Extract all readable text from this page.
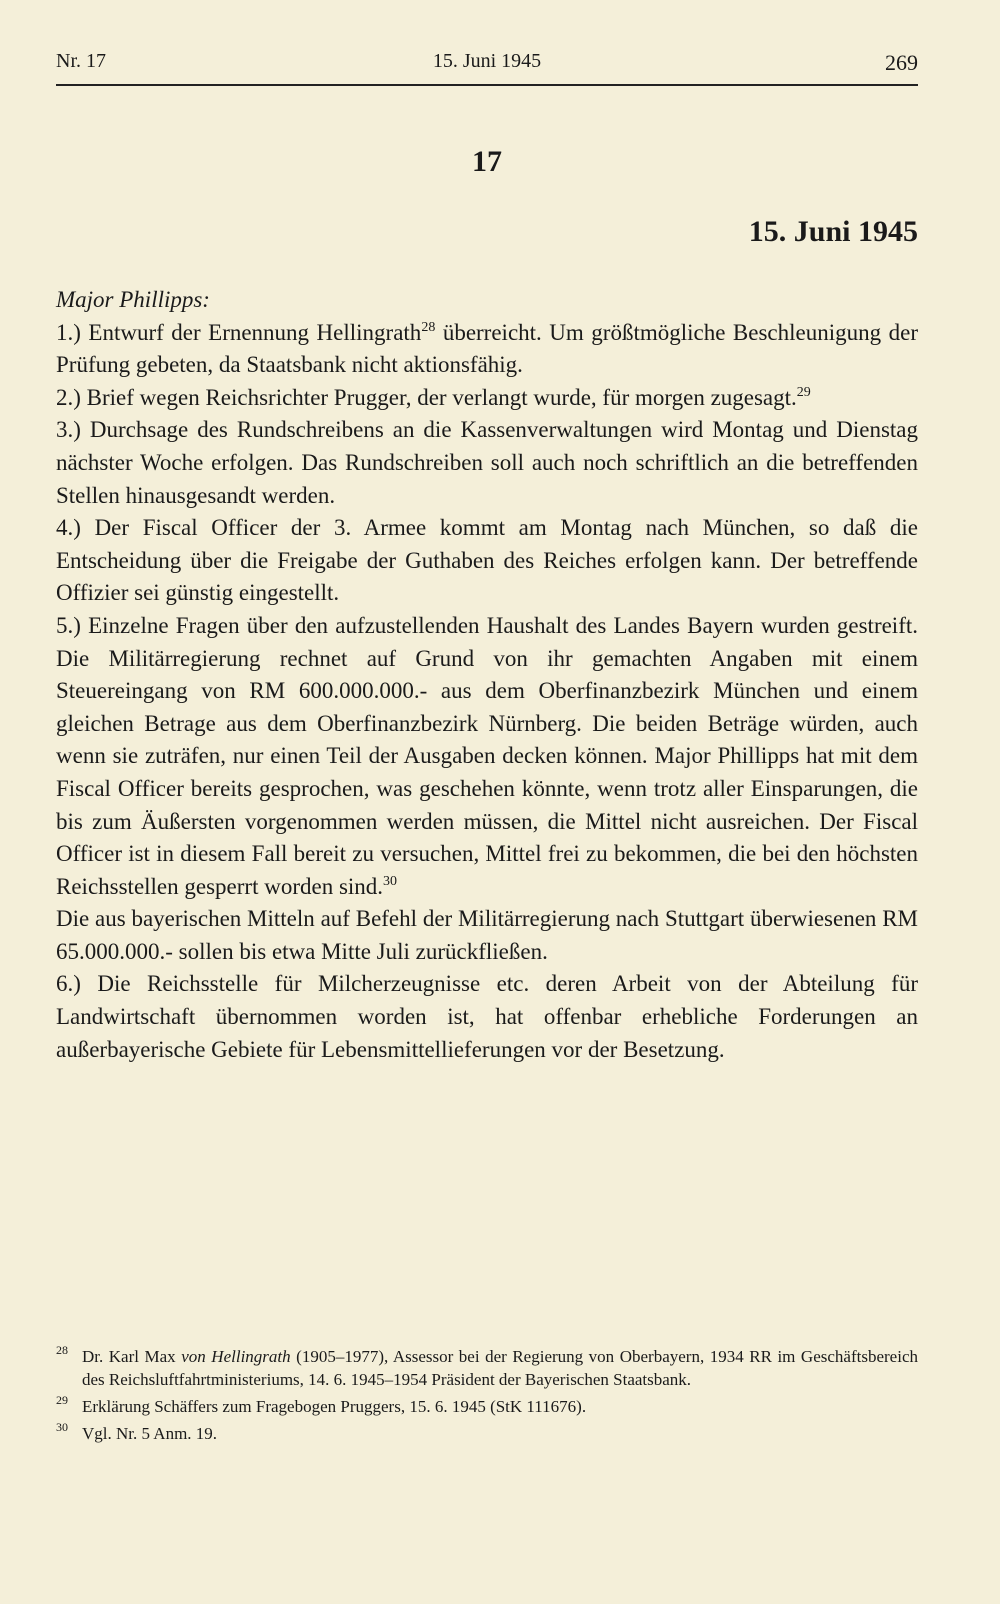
Nr. 17	15. Juni 1945	269
17
15. Juni 1945

Major Phillipps:

1.) Entwurf der Ernennung Hellingrath$^{28}$ überreicht. Um größtmögliche Beschleunigung der Prüfung gebeten, da Staatsbank nicht aktionsfähig.

2.) Brief wegen Reichsrichter Prugger, der verlangt wurde, für morgen zugesagt.$^{29}$

3.) Durchsage des Rundschreibens an die Kassenverwaltungen wird Montag und Dienstag nächster Woche erfolgen. Das Rundschreiben soll auch noch schriftlich an die betreffenden Stellen hinausgesandt werden.

4.) Der Fiscal Officer der 3. Armee kommt am Montag nach München, so daß die Entscheidung über die Freigabe der Guthaben des Reiches erfolgen kann. Der betreffende Offizier sei günstig eingestellt.

5.) Einzelne Fragen über den aufzustellenden Haushalt des Landes Bayern wurden gestreift. Die Militärregierung rechnet auf Grund von ihr gemachten Angaben mit einem Steuereingang von RM 600.000.000.- aus dem Oberfinanzbezirk München und einem gleichen Betrage aus dem Oberfinanzbezirk Nürnberg. Die beiden Beträge würden, auch wenn sie zuträfen, nur einen Teil der Ausgaben decken können. Major Phillipps hat mit dem Fiscal Officer bereits gesprochen, was geschehen könnte, wenn trotz aller Einsparungen, die bis zum Äußersten vorgenommen werden müssen, die Mittel nicht ausreichen. Der Fiscal Officer ist in diesem Fall bereit zu versuchen, Mittel frei zu bekommen, die bei den höchsten Reichsstellen gesperrt worden sind.$^{30}$

Die aus bayerischen Mitteln auf Befehl der Militärregierung nach Stuttgart überwiesenen RM 65.000.000.- sollen bis etwa Mitte Juli zurückfließen.

6.) Die Reichsstelle für Milcherzeugnisse etc. deren Arbeit von der Abteilung für Landwirtschaft übernommen worden ist, hat offenbar erhebliche Forderungen an außerbayerische Gebiete für Lebensmittellieferungen vor der Besetzung.

28 Dr. Karl Max von Hellingrath (1905–1977), Assessor bei der Regierung von Oberbayern, 1934 RR im Geschäftsbereich des Reichsluftfahrtministeriums, 14. 6. 1945–1954 Präsident der Bayerischen Staatsbank.

29 Erklärung Schäffers zum Fragebogen Pruggers, 15. 6. 1945 (StK 111676).

30 Vgl. Nr. 5 Anm. 19.
